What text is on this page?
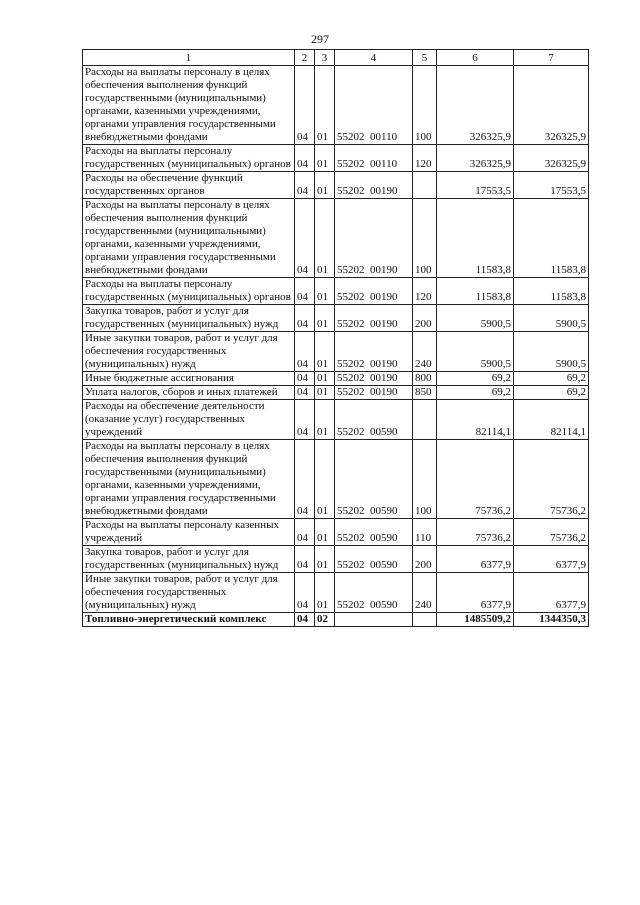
297
1	2	3	4	5	6	7
Расходы на выплаты персоналу в целях обеспечения выполнения функций государственными (муниципальными) органами, казенными учреждениями, органами управления государственными внебюджетными фондами	04	01	55202  00110	100	326325,9	326325,9
Расходы на выплаты персоналу государственных (муниципальных) органов	04	01	55202  00110	120	326325,9	326325,9
Расходы на обеспечение функций государственных органов	04	01	55202  00190		17553,5	17553,5
Расходы на выплаты персоналу в целях обеспечения выполнения функций государственными (муниципальными) органами, казенными учреждениями, органами управления государственными внебюджетными фондами	04	01	55202  00190	100	11583,8	11583,8
Расходы на выплаты персоналу государственных (муниципальных) органов	04	01	55202  00190	120	11583,8	11583,8
Закупка товаров, работ и услуг для государственных (муниципальных) нужд	04	01	55202  00190	200	5900,5	5900,5
Иные закупки товаров, работ и услуг для обеспечения государственных (муниципальных) нужд	04	01	55202  00190	240	5900,5	5900,5
Иные бюджетные ассигнования	04	01	55202  00190	800	69,2	69,2
Уплата налогов, сборов и иных платежей	04	01	55202  00190	850	69,2	69,2
Расходы на обеспечение деятельности (оказание услуг) государственных учреждений	04	01	55202  00590		82114,1	82114,1
Расходы на выплаты персоналу в целях обеспечения выполнения функций государственными (муниципальными) органами, казенными учреждениями, органами управления государственными внебюджетными фондами	04	01	55202  00590	100	75736,2	75736,2
Расходы на выплаты персоналу казенных учреждений	04	01	55202  00590	110	75736,2	75736,2
Закупка товаров, работ и услуг для государственных (муниципальных) нужд	04	01	55202  00590	200	6377,9	6377,9
Иные закупки товаров, работ и услуг для обеспечения государственных (муниципальных) нужд	04	01	55202  00590	240	6377,9	6377,9
Топливно-энергетический комплекс	04	02			1485509,2	1344350,3
